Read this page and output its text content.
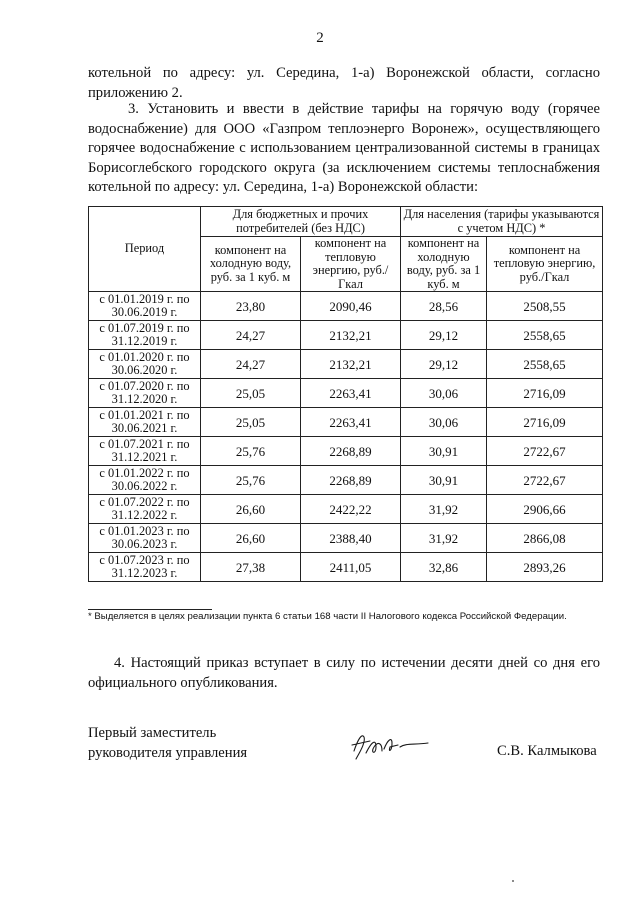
2
котельной по адресу: ул. Середина, 1-а) Воронежской области, согласно приложению 2.
3. Установить и ввести в действие тарифы на горячую воду (горячее водоснабжение) для ООО «Газпром теплоэнерго Воронеж», осуществляющего горячее водоснабжение с использованием централизованной системы в границах Борисоглебского городского округа (за исключением системы теплоснабжения котельной по адресу: ул. Середина, 1-а) Воронежской области:
Период	Для бюджетных и прочих потребителей (без НДС)		Для населения (тарифы указываются с учетом НДС) *	
	компонент на холодную воду, руб. за 1 куб. м	компонент на тепловую энергию, руб./Гкал	компонент на холодную воду, руб. за 1 куб. м	компонент на тепловую энергию, руб./Гкал
с 01.01.2019 г. по 30.06.2019 г.	23,80	2090,46	28,56	2508,55
с 01.07.2019 г. по 31.12.2019 г.	24,27	2132,21	29,12	2558,65
с 01.01.2020 г. по 30.06.2020 г.	24,27	2132,21	29,12	2558,65
с 01.07.2020 г. по 31.12.2020 г.	25,05	2263,41	30,06	2716,09
с 01.01.2021 г. по 30.06.2021 г.	25,05	2263,41	30,06	2716,09
с 01.07.2021 г. по 31.12.2021 г.	25,76	2268,89	30,91	2722,67
с 01.01.2022 г. по 30.06.2022 г.	25,76	2268,89	30,91	2722,67
с 01.07.2022 г. по 31.12.2022 г.	26,60	2422,22	31,92	2906,66
с 01.01.2023 г. по 30.06.2023 г.	26,60	2388,40	31,92	2866,08
с 01.07.2023 г. по 31.12.2023 г.	27,38	2411,05	32,86	2893,26
* Выделяется в целях реализации пункта 6 статьи 168 части II Налогового кодекса Российской Федерации.
4. Настоящий приказ вступает в силу по истечении десяти дней со дня его официального опубликования.
Первый заместитель
руководителя управления	С.В. Калмыкова
